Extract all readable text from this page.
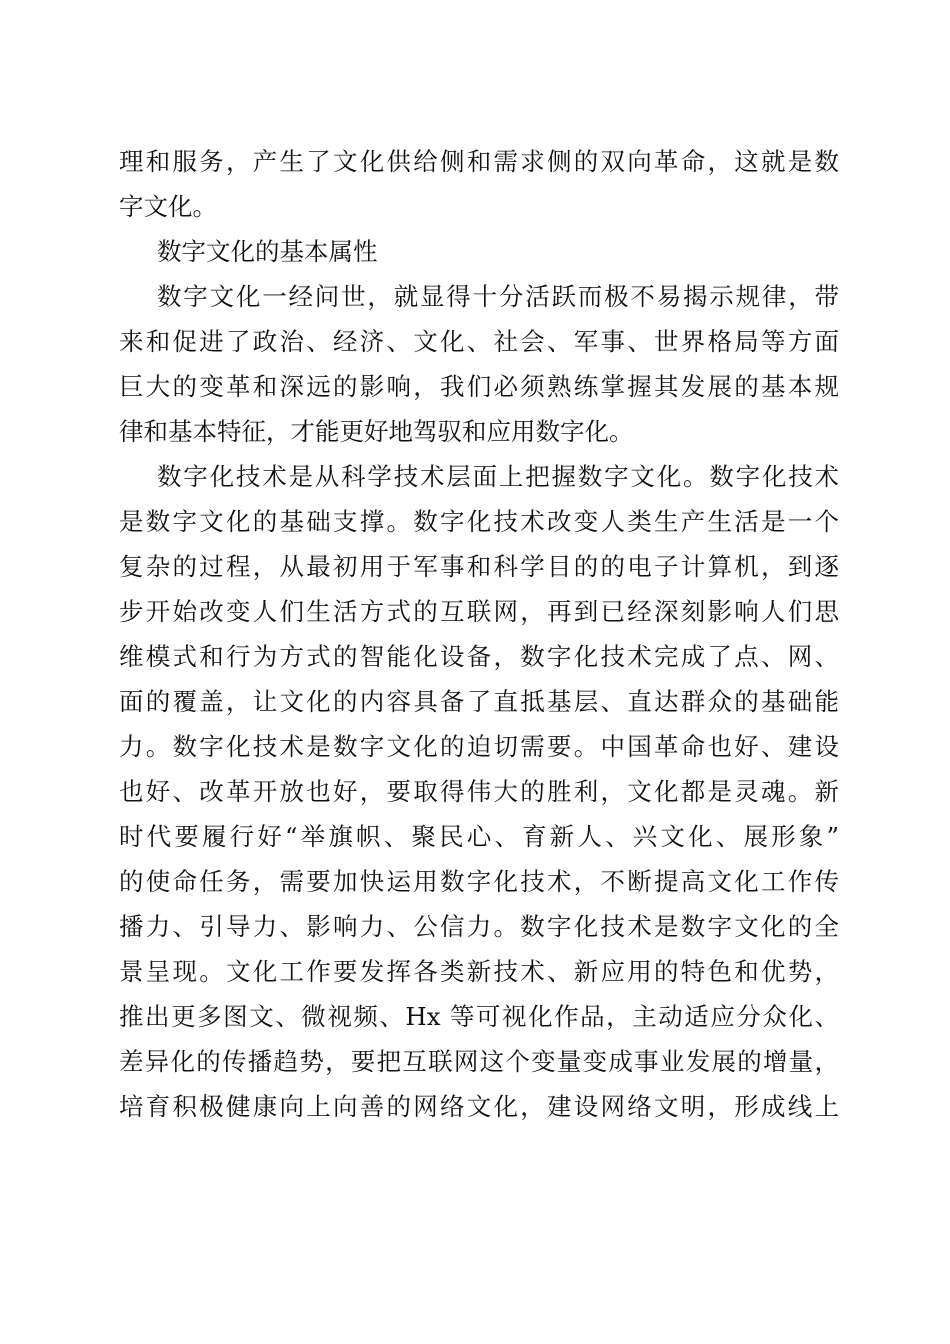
理和服务，产生了文化供给侧和需求侧的双向革命，这就是数
字文化。
数字文化的基本属性
数字文化一经问世，就显得十分活跃而极不易揭示规律，带
来和促进了政治、经济、文化、社会、军事、世界格局等方面
巨大的变革和深远的影响，我们必须熟练掌握其发展的基本规
律和基本特征，才能更好地驾驭和应用数字化。
数字化技术是从科学技术层面上把握数字文化。数字化技术
是数字文化的基础支撑。数字化技术改变人类生产生活是一个
复杂的过程，从最初用于军事和科学目的的电子计算机，到逐
步开始改变人们生活方式的互联网，再到已经深刻影响人们思
维模式和行为方式的智能化设备，数字化技术完成了点、网、
面的覆盖，让文化的内容具备了直抵基层、直达群众的基础能
力。数字化技术是数字文化的迫切需要。中国革命也好、建设
也好、改革开放也好，要取得伟大的胜利，文化都是灵魂。新
时代要履行好“举旗帜、聚民心、育新人、兴文化、展形象”
的使命任务，需要加快运用数字化技术，不断提高文化工作传
播力、引导力、影响力、公信力。数字化技术是数字文化的全
景呈现。文化工作要发挥各类新技术、新应用的特色和优势，
推出更多图文、微视频、Hx 等可视化作品，主动适应分众化、
差异化的传播趋势，要把互联网这个变量变成事业发展的增量，
培育积极健康向上向善的网络文化，建设网络文明，形成线上
